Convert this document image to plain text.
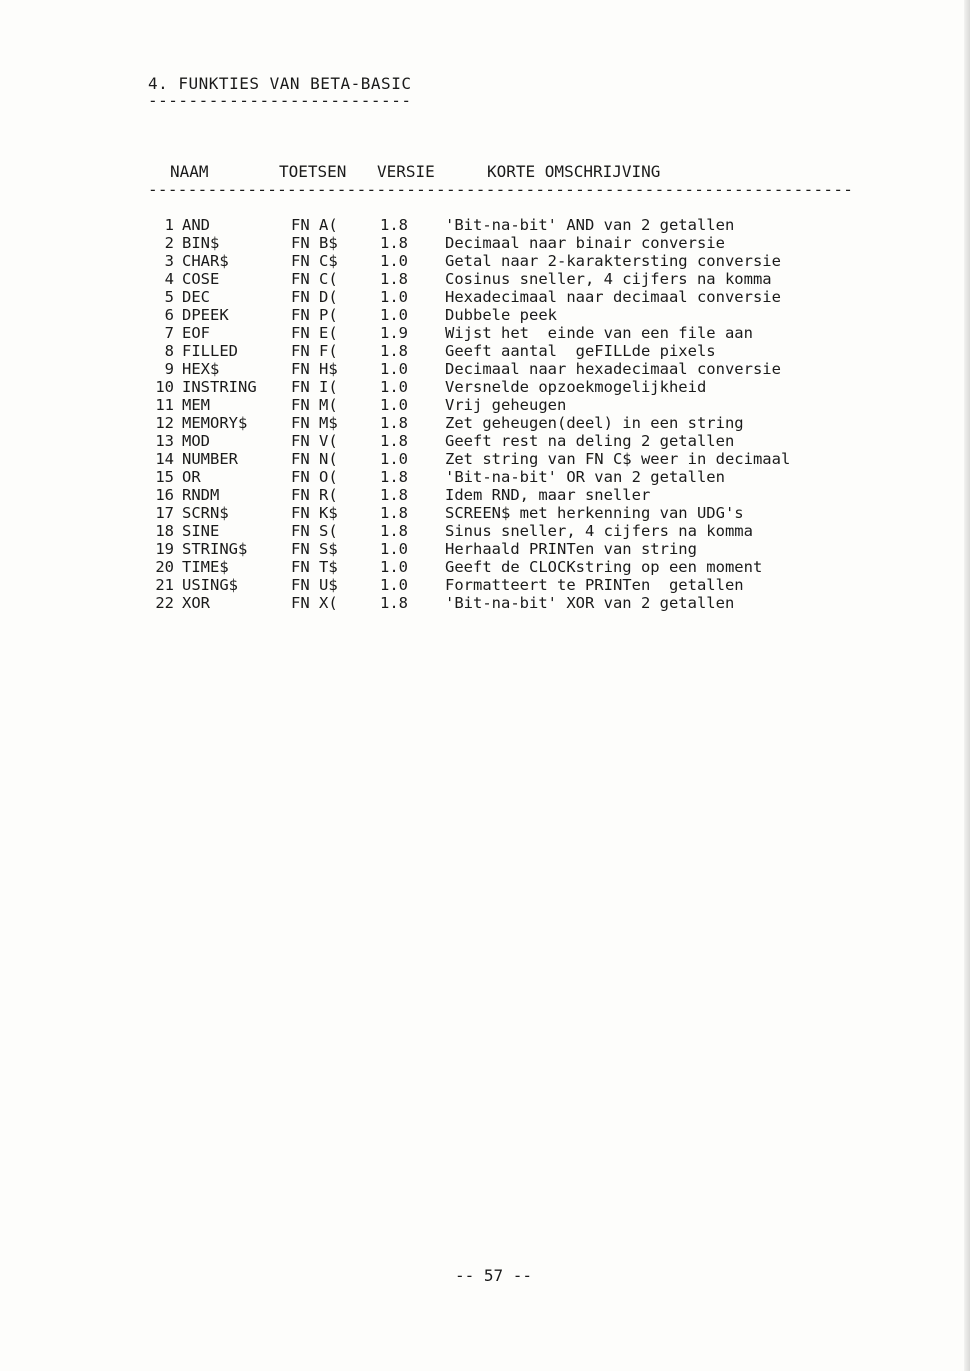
4. FUNKTIES VAN BETA-BASIC
--------------------------
NAAM	TOETSEN VERSIE	KORTE OMSCHRIJVING
-----------------------------------------------------------------------
1 AND	FN A(	1.8 'Bit-na-bit' AND van 2 getallen
2 BIN$	FN B$	1.8 Decimaal naar binair conversie
3 CHAR$	FN C$	1.0 Getal naar 2-karaktersting conversie
4 COSE	FN C(	1.8 Cosinus sneller, 4 cijfers na komma
5 DEC	FN D(	1.0 Hexadecimaal naar decimaal conversie
6 DPEEK	FN P(	1.0 Dubbele peek
7 EOF	FN E(	1.9 Wijst het  einde van een file aan
8 FILLED	FN F(	1.8 Geeft aantal  geFILLde pixels
9 HEX$	FN H$	1.0 Decimaal naar hexadecimaal conversie
10 INSTRING FN I(	1.0 Versnelde opzoekmogelijkheid
11 MEM	FN M(	1.0 Vrij geheugen
12 MEMORY$	FN M$	1.8 Zet geheugen(deel) in een string
13 MOD	FN V(	1.8 Geeft rest na deling 2 getallen
14 NUMBER	FN N(	1.0 Zet string van FN C$ weer in decimaal
15 OR	FN O(	1.8 'Bit-na-bit' OR van 2 getallen
16 RNDM	FN R(	1.8 Idem RND, maar sneller
17 SCRN$	FN K$	1.8 SCREEN$ met herkenning van UDG's
18 SINE	FN S(	1.8 Sinus sneller, 4 cijfers na komma
19 STRING$	FN S$	1.0 Herhaald PRINTen van string
20 TIME$	FN T$	1.0 Geeft de CLOCKstring op een moment
21 USING$	FN U$	1.0 Formatteert te PRINTen  getallen
22 XOR	FN X(	1.8 'Bit-na-bit' XOR van 2 getallen
-- 57 --
